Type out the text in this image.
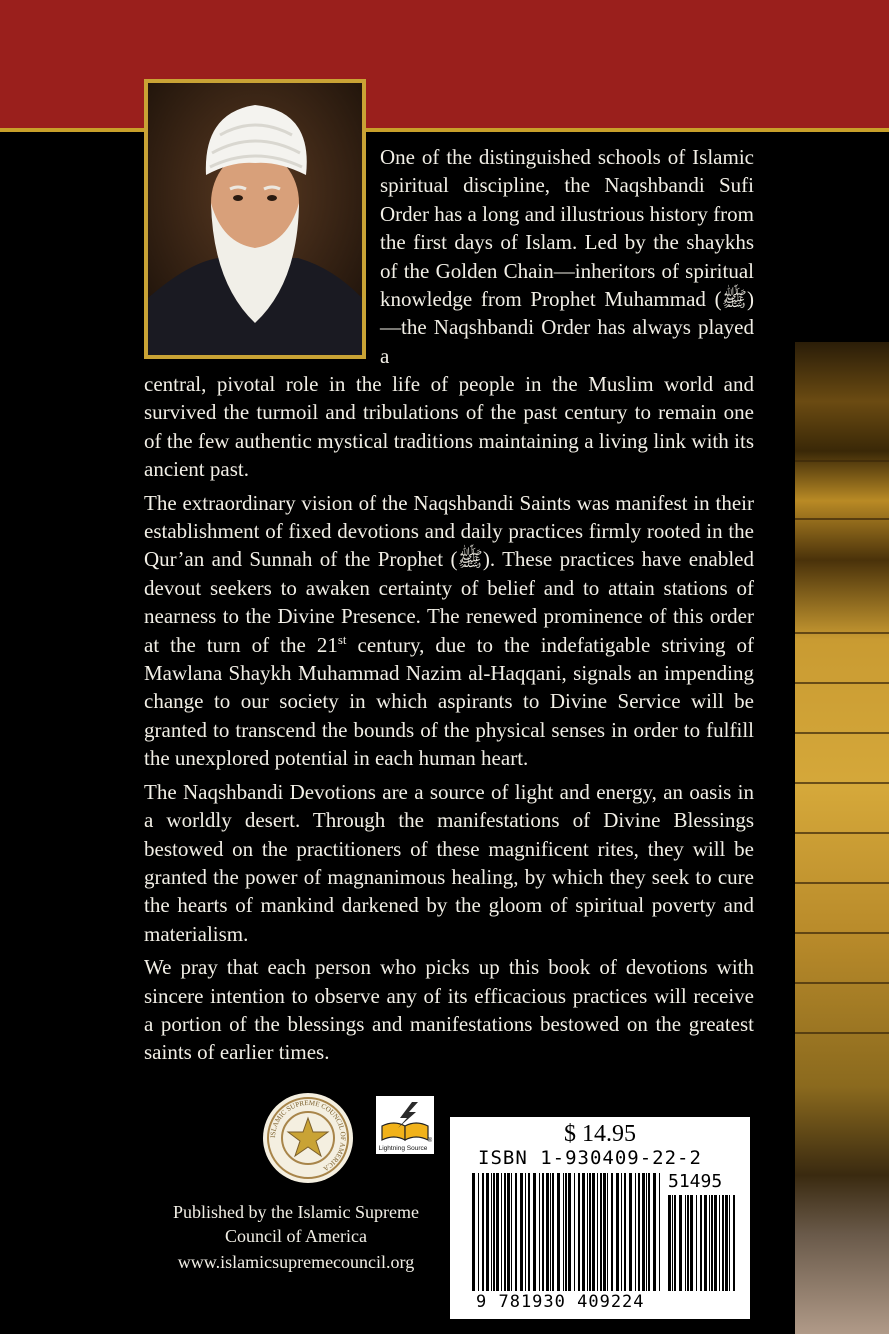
One of the distinguished schools of Islamic spiritual discipline, the Naqshbandi Sufi Order has a long and illustrious history from the first days of Islam. Led by the shaykhs of the Golden Chain—inheritors of spiritual knowledge from Prophet Muhammad (ﷺ)—the Naqshbandi Order has always played a

central, pivotal role in the life of people in the Muslim world and survived the turmoil and tribulations of the past century to remain one of the few authentic mystical traditions maintaining a living link with its ancient past.

The extraordinary vision of the Naqshbandi Saints was manifest in their establishment of fixed devotions and daily practices firmly rooted in the Qur’an and Sunnah of the Prophet (ﷺ). These practices have enabled devout seekers to awaken certainty of belief and to attain stations of nearness to the Divine Presence. The renewed prominence of this order at the turn of the 21st century, due to the indefatigable striving of Mawlana Shaykh Muhammad Nazim al-Haqqani, signals an impending change to our society in which aspirants to Divine Service will be granted to transcend the bounds of the physical senses in order to fulfill the unexplored potential in each human heart.

The Naqshbandi Devotions are a source of light and energy, an oasis in a worldly desert. Through the manifestations of Divine Blessings bestowed on the practitioners of these magnificent rites, they will be granted the power of magnanimous healing, by which they seek to cure the hearts of mankind darkened by the gloom of spiritual poverty and materialism.

We pray that each person who picks up this book of devotions with sincere intention to observe any of its efficacious practices will receive a portion of the blessings and manifestations bestowed on the greatest saints of earlier times.

ISLAMIC SUPREME COUNCIL OF AMERICA
Lightning Source
®
Published by the Islamic Supreme
Council of America
www.islamicsupremecouncil.org
$ 14.95
ISBN 1-930409-22-2
51495
9 781930 409224
